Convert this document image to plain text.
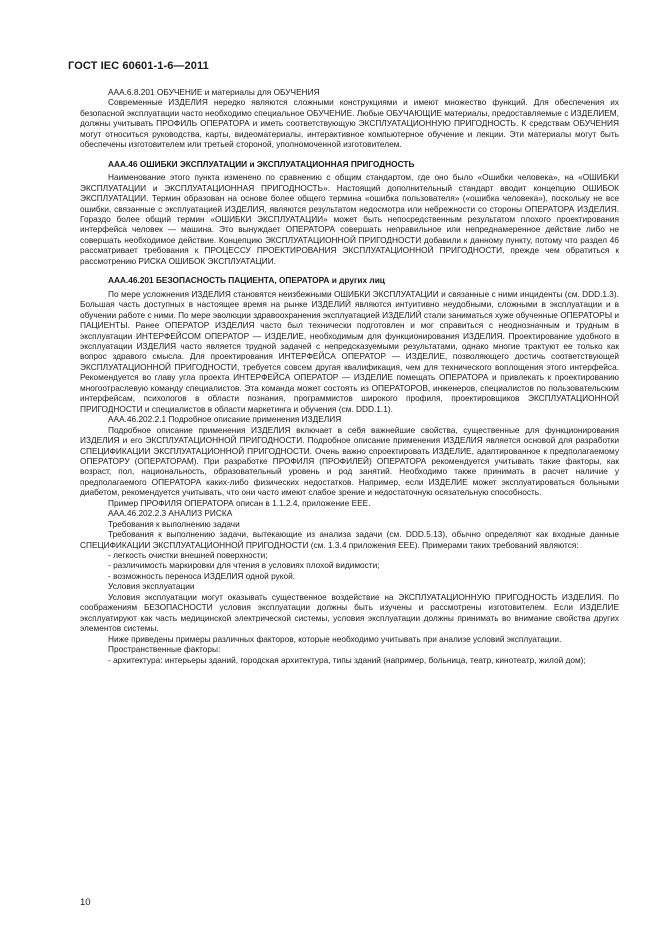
ГОСТ IEC 60601-1-6—2011

ААА.6.8.201 ОБУЧЕНИЕ и материалы для ОБУЧЕНИЯ

Современные ИЗДЕЛИЯ нередко являются сложными конструкциями и имеют множество функций. Для обеспечения их безопасной эксплуатации часто необходимо специальное ОБУЧЕНИЕ. Любые ОБУЧАЮЩИЕ материалы, предоставляемые с ИЗДЕЛИЕМ, должны учитывать ПРОФИЛЬ ОПЕРАТОРА и иметь соответствующую ЭКСПЛУАТАЦИОННУЮ ПРИГОДНОСТЬ. К средствам ОБУЧЕНИЯ могут относиться руководства, карты, видеоматериалы, интерактивное компьютерное обучение и лекции. Эти материалы могут быть обеспечены изготовителем или третьей стороной, уполномоченной изготовителем.

ААА.46 ОШИБКИ ЭКСПЛУАТАЦИИ и ЭКСПЛУАТАЦИОННАЯ ПРИГОДНОСТЬ

Наименование этого пункта изменено по сравнению с общим стандартом, где оно было «Ошибки человека», на «ОШИБКИ ЭКСПЛУАТАЦИИ и ЭКСПЛУАТАЦИОННАЯ ПРИГОДНОСТЬ». Настоящий дополнительный стандарт вводит концепцию ОШИБОК ЭКСПЛУАТАЦИИ. Термин образован на основе более общего термина «ошибка пользователя» («ошибка человека»), поскольку не все ошибки, связанные с эксплуатацией ИЗДЕЛИЯ, являются результатом недосмотра или небрежности со стороны ОПЕРАТОРА ИЗДЕЛИЯ. Гораздо более общий термин «ОШИБКИ ЭКСПЛУАТАЦИИ» может быть непосредственным результатом плохого проектирования интерфейса человек — машина. Это вынуждает ОПЕРАТОРА совершать неправильное или непреднамеренное действие либо не совершать необходимое действие. Концепцию ЭКСПЛУАТАЦИОННОЙ ПРИГОДНОСТИ добавили к данному пункту, потому что раздел 46 рассматривает требования к ПРОЦЕССУ ПРОЕКТИРОВАНИЯ ЭКСПЛУАТАЦИОННОЙ ПРИГОДНОСТИ, прежде чем обратиться к рассмотрению РИСКА ОШИБОК ЭКСПЛУАТАЦИИ.

ААА.46.201 БЕЗОПАСНОСТЬ ПАЦИЕНТА, ОПЕРАТОРА и других лиц

По мере усложнения ИЗДЕЛИЯ становятся неизбежными ОШИБКИ ЭКСПЛУАТАЦИИ и связанные с ними инциденты (см. DDD.1.3). Большая часть доступных в настоящее время на рынке ИЗДЕЛИЙ являются интуитивно неудобными, сложными в эксплуатации и в обучении работе с ними. По мере эволюции здравоохранения эксплуатацией ИЗДЕЛИЙ стали заниматься хуже обученные ОПЕРАТОРЫ и ПАЦИЕНТЫ. Ранее ОПЕРАТОР ИЗДЕЛИЯ часто был технически подготовлен и мог справиться с неоднозначным и трудным в эксплуатации ИНТЕРФЕЙСОМ ОПЕРАТОР — ИЗДЕЛИЕ, необходимым для функционирования ИЗДЕЛИЯ. Проектирование удобного в эксплуатации ИЗДЕЛИЯ часто является трудной задачей с непредсказуемыми результатами, однако многие трактуют ее только как вопрос здравого смысла. Для проектирования ИНТЕРФЕЙСА ОПЕРАТОР — ИЗДЕЛИЕ, позволяющего достичь соответствующей ЭКСПЛУАТАЦИОННОЙ ПРИГОДНОСТИ, требуется совсем другая квалификация, чем для технического воплощения этого интерфейса. Рекомендуется во главу угла проекта ИНТЕРФЕЙСА ОПЕРАТОР — ИЗДЕЛИЕ помещать ОПЕРАТОРА и привлекать к проектированию многоотраслевую команду специалистов. Эта команда может состоять из ОПЕРАТОРОВ, инженеров, специалистов по пользовательским интерфейсам, психологов в области познания, программистов широкого профиля, проектировщиков ЭКСПЛУАТАЦИОННОЙ ПРИГОДНОСТИ и специалистов в области маркетинга и обучения (см. DDD.1.1).

ААА.46.202.2.1 Подробное описание применения ИЗДЕЛИЯ

Подробное описание применения ИЗДЕЛИЯ включает в себя важнейшие свойства, существенные для функционирования ИЗДЕЛИЯ и его ЭКСПЛУАТАЦИОННОЙ ПРИГОДНОСТИ. Подробное описание применения ИЗДЕЛИЯ является основой для разработки СПЕЦИФИКАЦИИ ЭКСПЛУАТАЦИОННОЙ ПРИГОДНОСТИ. Очень важно спроектировать ИЗДЕЛИЕ, адаптированное к предполагаемому ОПЕРАТОРУ (ОПЕРАТОРАМ). При разработке ПРОФИЛЯ (ПРОФИЛЕЙ) ОПЕРАТОРА рекомендуется учитывать такие факторы, как возраст, пол, национальность, образовательный уровень и род занятий. Необходимо также принимать в расчет наличие у предполагаемого ОПЕРАТОРА каких-либо физических недостатков. Например, если ИЗДЕЛИЕ может эксплуатироваться больными диабетом, рекомендуется учитывать, что они часто имеют слабое зрение и недостаточную осязательную способность.

Пример ПРОФИЛЯ ОПЕРАТОРА описан в 1.1.2.4, приложение ЕЕЕ.

ААА.46.202.2.3 АНАЛИЗ РИСКА

Требования к выполнению задачи

Требования к выполнению задачи, вытекающие из анализа задачи (см. DDD.5.13), обычно определяют как входные данные СПЕЦИФИКАЦИИ ЭКСПЛУАТАЦИОННОЙ ПРИГОДНОСТИ (см. 1.3.4 приложения ЕЕЕ). Примерами таких требований являются:

- легкость очистки внешней поверхности;

- различимость маркировки для чтения в условиях плохой видимости;

- возможность переноса ИЗДЕЛИЯ одной рукой.

Условия эксплуатации

Условия эксплуатации могут оказывать существенное воздействие на ЭКСПЛУАТАЦИОННУЮ ПРИГОДНОСТЬ ИЗДЕЛИЯ. По соображениям БЕЗОПАСНОСТИ условия эксплуатации должны быть изучены и рассмотрены изготовителем. Если ИЗДЕЛИЕ эксплуатируют как часть медицинской электрической системы, условия эксплуатации должны принимать во внимание свойства других элементов системы.

Ниже приведены примеры различных факторов, которые необходимо учитывать при анализе условий эксплуатации.

Пространственные факторы:

- архитектура: интерьеры зданий, городская архитектура, типы зданий (например, больница, театр, кинотеатр, жилой дом);

10
